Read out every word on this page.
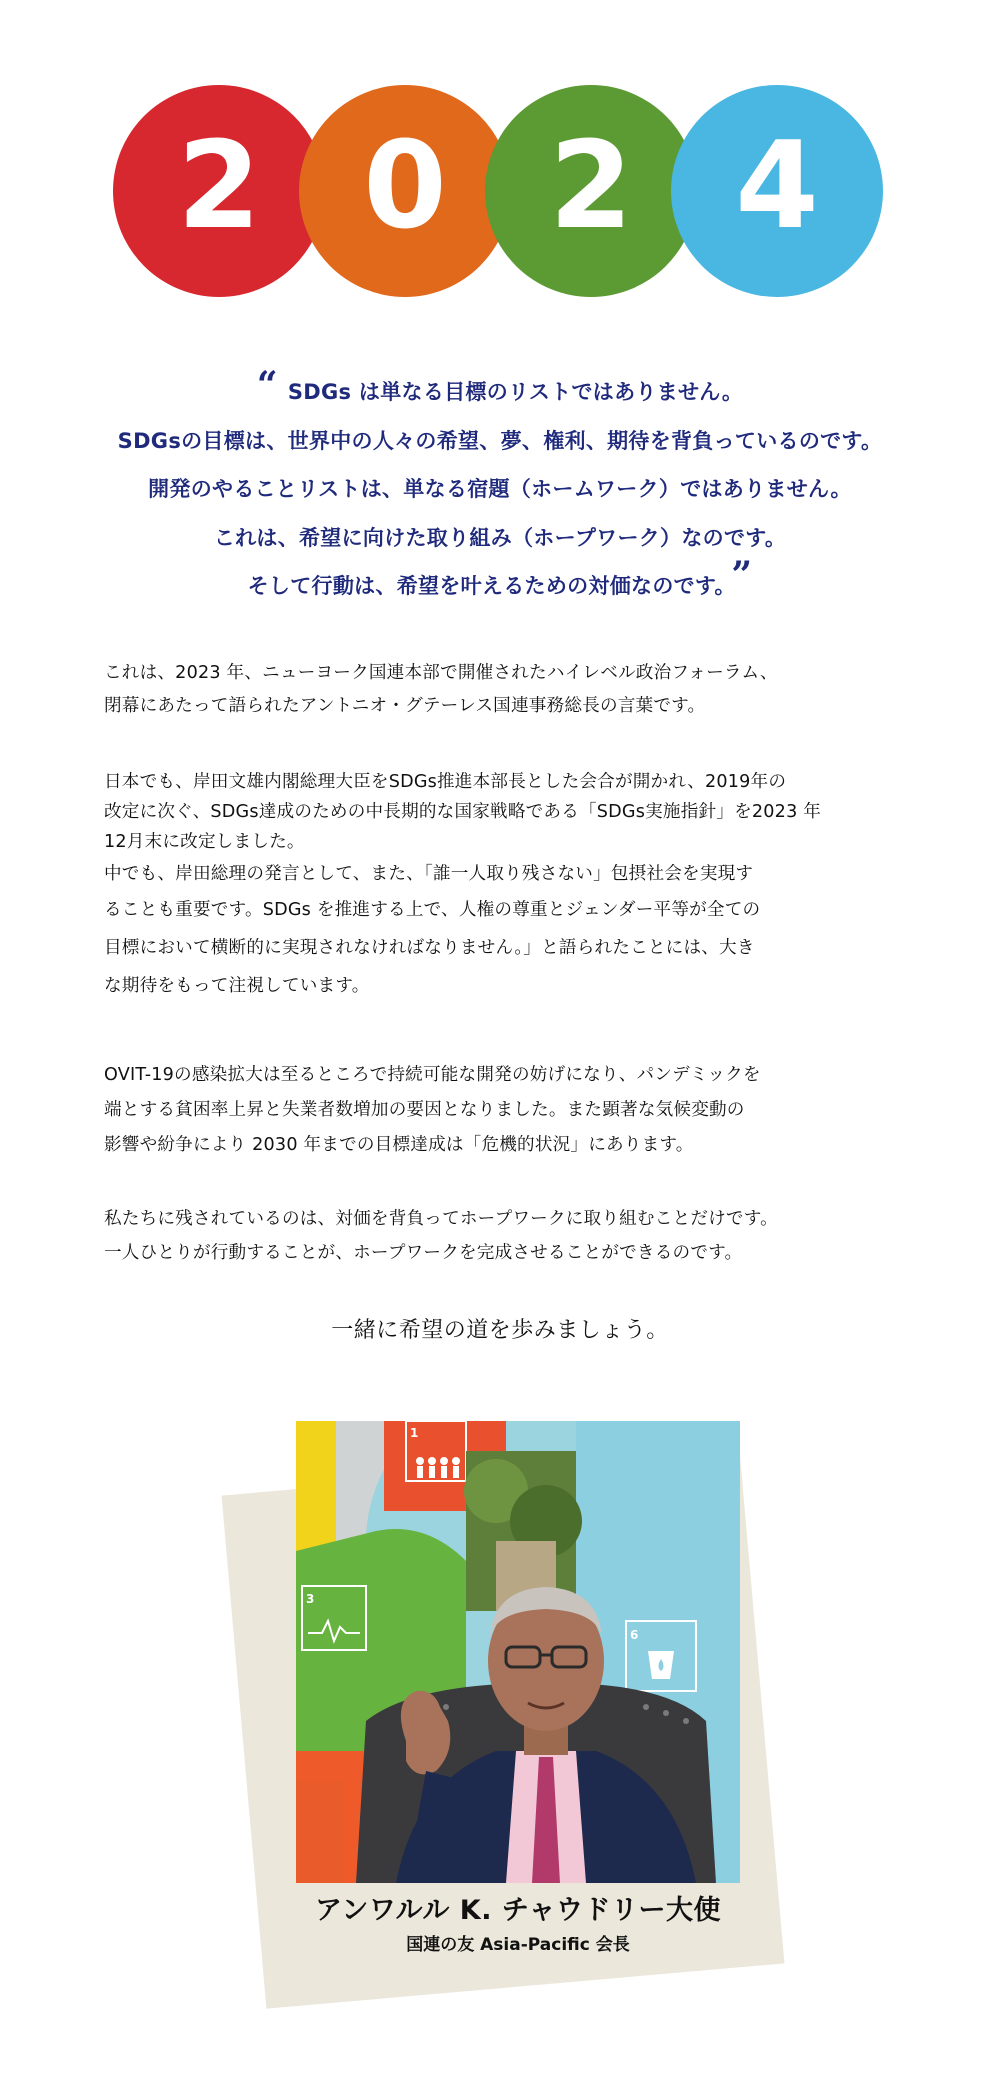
2 0 2 4
“ SDGs は単なる目標のリストではありません。
SDGsの目標は、世界中の人々の希望、夢、権利、期待を背負っているのです。
開発のやることリストは、単なる宿題（ホームワーク）ではありません。
これは、希望に向けた取り組み（ホープワーク）なのです。
そして行動は、希望を叶えるための対価なのです。 ”

これは、2023 年、ニューヨーク国連本部で開催されたハイレベル政治フォーラム、

閉幕にあたって語られたアントニオ・グテーレス国連事務総長の言葉です。

日本でも、岸田文雄内閣総理大臣をSDGs推進本部長とした会合が開かれ、2019年の

改定に次ぐ、SDGs達成のための中長期的な国家戦略である「SDGs実施指針」を2023 年

12月末に改定しました。

中でも、岸田総理の発言として、また、「誰一人取り残さない」包摂社会を実現す

ることも重要です。SDGs を推進する上で、人権の尊重とジェンダー平等が全ての

目標において横断的に実現されなければなりません。」と語られたことには、大き

な期待をもって注視しています。

OVIT-19の感染拡大は至るところで持続可能な開発の妨げになり、パンデミックを

端とする貧困率上昇と失業者数増加の要因となりました。また顕著な気候変動の

影響や紛争により 2030 年までの目標達成は「危機的状況」にあります。

私たちに残されているのは、対価を背負ってホープワークに取り組むことだけです。

一人ひとりが行動することが、ホープワークを完成させることができるのです。

一緒に希望の道を歩みましょう。
1
3
6
アンワルル K. チャウドリー大使
国連の友 Asia-Pacific 会長
